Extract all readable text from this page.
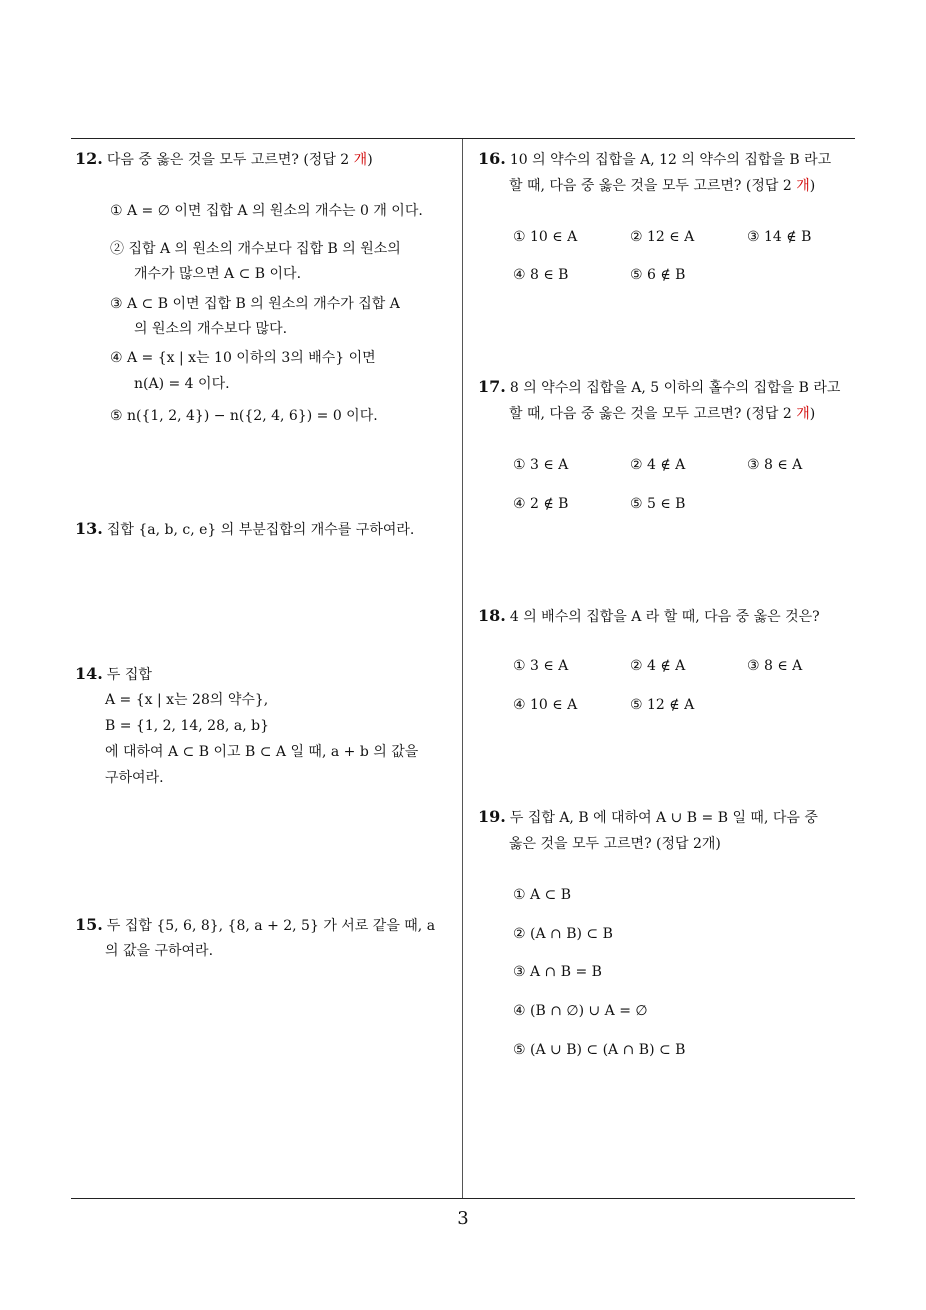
12. 다음 중 옳은 것을 모두 고르면? (정답 2 개)
① A = ∅ 이면 집합 A 의 원소의 개수는 0 개 이다.
② 집합 A 의 원소의 개수보다 집합 B 의 원소의
개수가 많으면 A ⊂ B 이다.
③ A ⊂ B 이면 집합 B 의 원소의 개수가 집합 A
의 원소의 개수보다 많다.
④ A = {x | x는 10 이하의 3의 배수} 이면
n(A) = 4 이다.
⑤ n({1, 2, 4}) − n({2, 4, 6}) = 0 이다.
13. 집합 {a, b, c, e} 의 부분집합의 개수를 구하여라.
14. 두 집합
A = {x | x는 28의 약수},
B = {1, 2, 14, 28, a, b}
에 대하여 A ⊂ B 이고 B ⊂ A 일 때, a + b 의 값을
구하여라.
15. 두 집합 {5, 6, 8}, {8, a + 2, 5} 가 서로 같을 때, a
의 값을 구하여라.
16. 10 의 약수의 집합을 A, 12 의 약수의 집합을 B 라고
할 때, 다음 중 옳은 것을 모두 고르면? (정답 2 개)
① 10 ∈ A	② 12 ∈ A	③ 14 ∉ B
④ 8 ∈ B	⑤ 6 ∉ B
17. 8 의 약수의 집합을 A, 5 이하의 홀수의 집합을 B 라고
할 때, 다음 중 옳은 것을 모두 고르면? (정답 2 개)
① 3 ∈ A	② 4 ∉ A	③ 8 ∈ A
④ 2 ∉ B	⑤ 5 ∈ B
18. 4 의 배수의 집합을 A 라 할 때, 다음 중 옳은 것은?
① 3 ∈ A	② 4 ∉ A	③ 8 ∈ A
④ 10 ∈ A	⑤ 12 ∉ A
19. 두 집합 A, B 에 대하여 A ∪ B = B 일 때, 다음 중
옳은 것을 모두 고르면? (정답 2개)
① A ⊂ B
② (A ∩ B) ⊂ B
③ A ∩ B = B
④ (B ∩ ∅) ∪ A = ∅
⑤ (A ∪ B) ⊂ (A ∩ B) ⊂ B
3
